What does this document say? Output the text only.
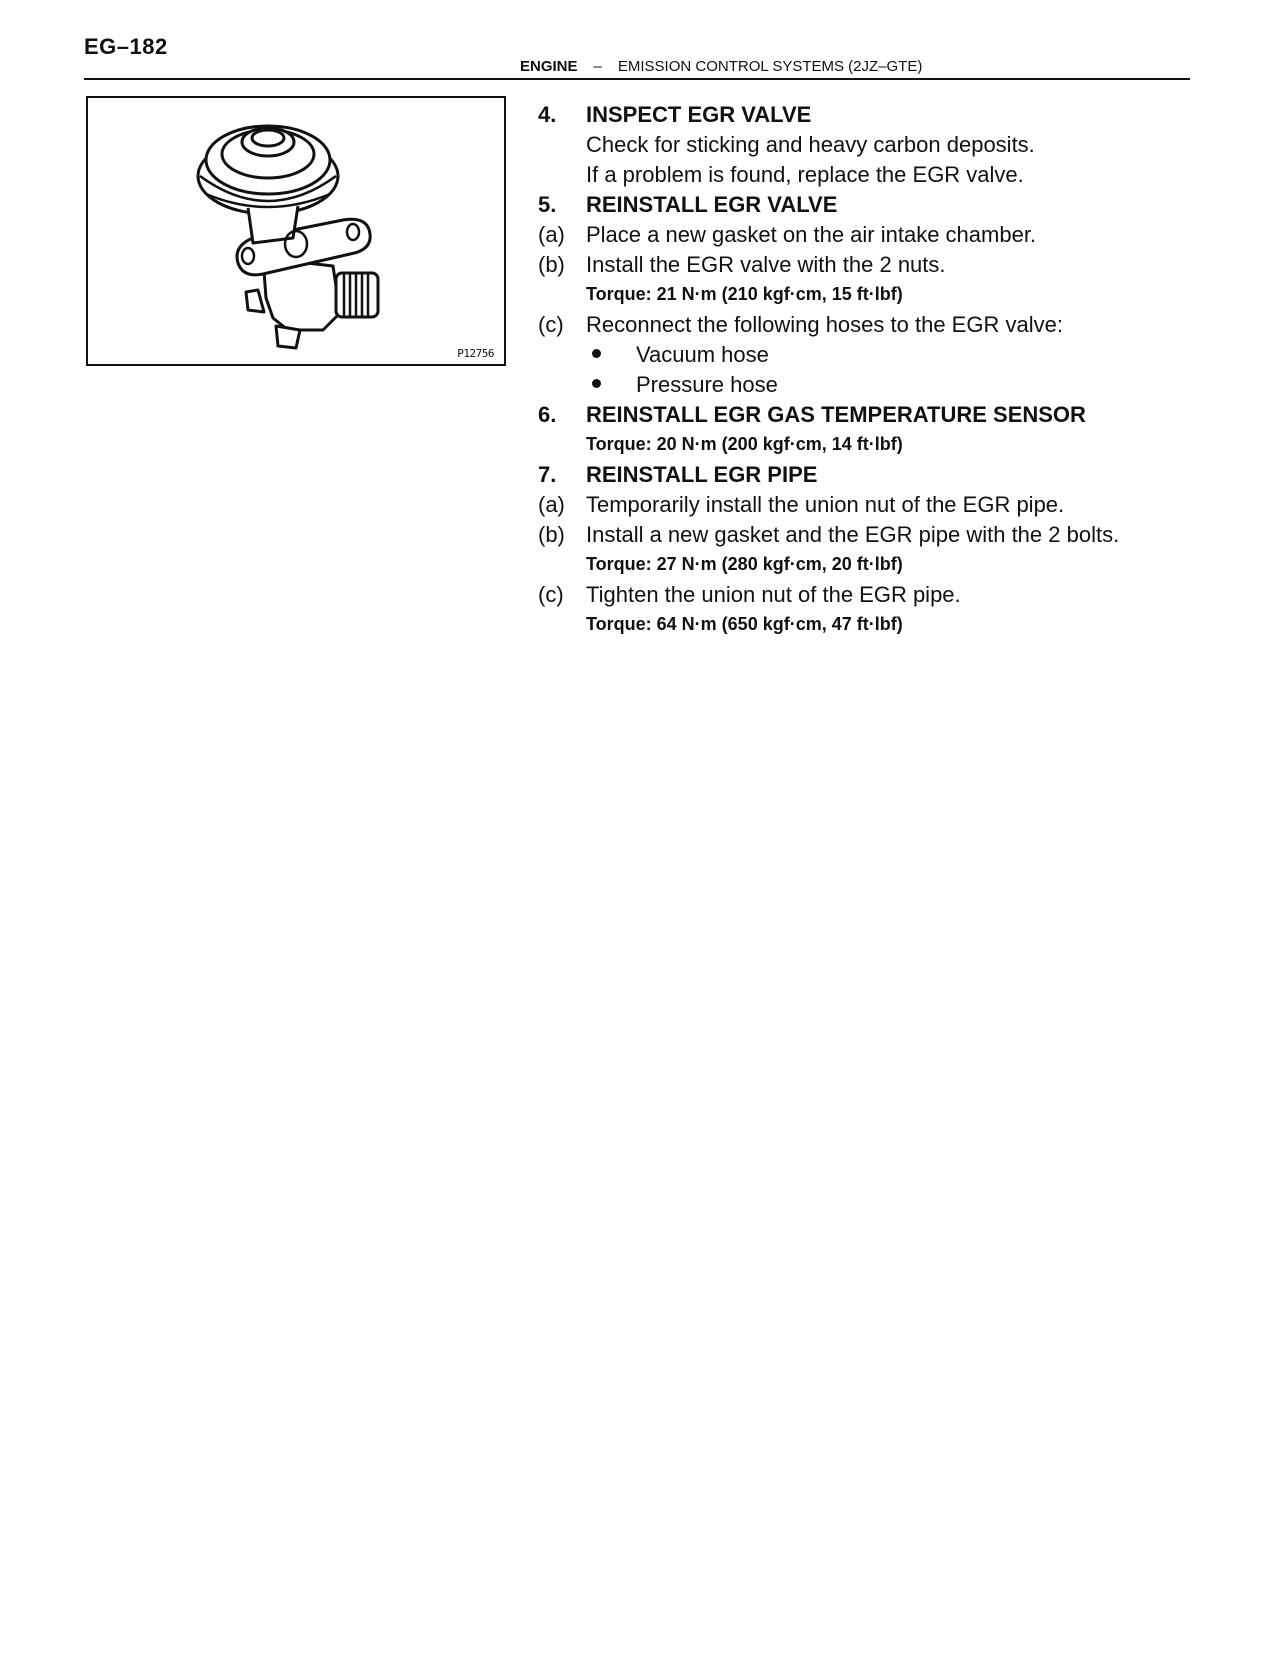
EG–182
ENGINE – EMISSION CONTROL SYSTEMS (2JZ–GTE)
P12756
4. INSPECT EGR VALVE
Check for sticking and heavy carbon deposits.
If a problem is found, replace the EGR valve.
5. REINSTALL EGR VALVE
(a) Place a new gasket on the air intake chamber.
(b) Install the EGR valve with the 2 nuts.
Torque: 21 N·m (210 kgf·cm, 15 ft·lbf)
(c) Reconnect the following hoses to the EGR valve:
Vacuum hose
Pressure hose
6. REINSTALL EGR GAS TEMPERATURE SENSOR
Torque: 20 N·m (200 kgf·cm, 14 ft·lbf)
7. REINSTALL EGR PIPE
(a) Temporarily install the union nut of the EGR pipe.
(b) Install a new gasket and the EGR pipe with the 2 bolts.
Torque: 27 N·m (280 kgf·cm, 20 ft·lbf)
(c) Tighten the union nut of the EGR pipe.
Torque: 64 N·m (650 kgf·cm, 47 ft·lbf)
